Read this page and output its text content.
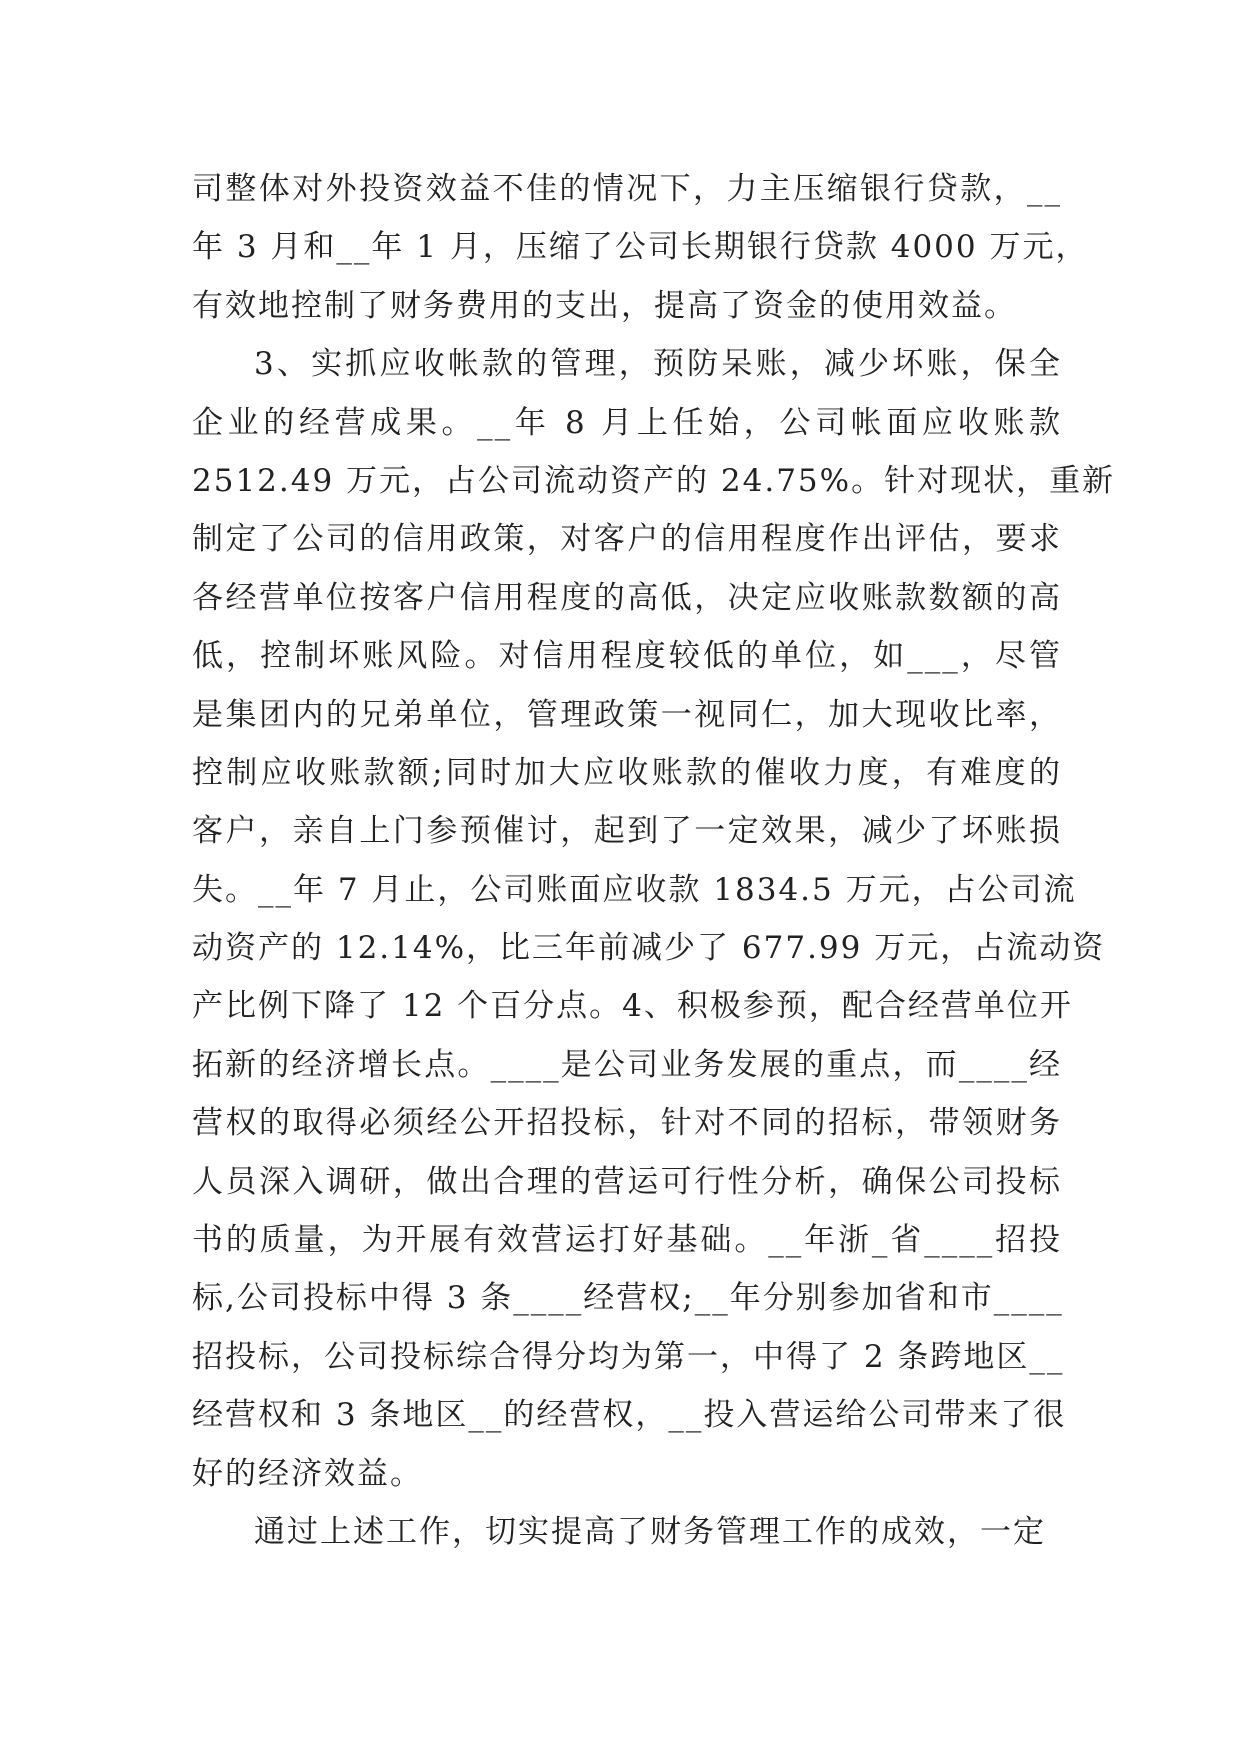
司整体对外投资效益不佳的情况下，力主压缩银行贷款，__
年 3 月和__年 1 月，压缩了公司长期银行贷款 4000 万元，
有效地控制了财务费用的支出，提高了资金的使用效益。
3、实抓应收帐款的管理，预防呆账，减少坏账，保全
企业的经营成果。__年 8 月上任始，公司帐面应收账款
2512.49 万元，占公司流动资产的 24.75%。针对现状，重新
制定了公司的信用政策，对客户的信用程度作出评估，要求
各经营单位按客户信用程度的高低，决定应收账款数额的高
低，控制坏账风险。对信用程度较低的单位，如___，尽管
是集团内的兄弟单位，管理政策一视同仁，加大现收比率，
控制应收账款额;同时加大应收账款的催收力度，有难度的
客户，亲自上门参预催讨，起到了一定效果，减少了坏账损
失。__年 7 月止，公司账面应收款 1834.5 万元，占公司流
动资产的 12.14%，比三年前减少了 677.99 万元，占流动资
产比例下降了 12 个百分点。4、积极参预，配合经营单位开
拓新的经济增长点。____是公司业务发展的重点，而____经
营权的取得必须经公开招投标，针对不同的招标，带领财务
人员深入调研，做出合理的营运可行性分析，确保公司投标
书的质量，为开展有效营运打好基础。__年浙_省____招投
标,公司投标中得 3 条____经营权;__年分别参加省和市____
招投标，公司投标综合得分均为第一，中得了 2 条跨地区__
经营权和 3 条地区__的经营权，__投入营运给公司带来了很
好的经济效益。
通过上述工作，切实提高了财务管理工作的成效，一定
